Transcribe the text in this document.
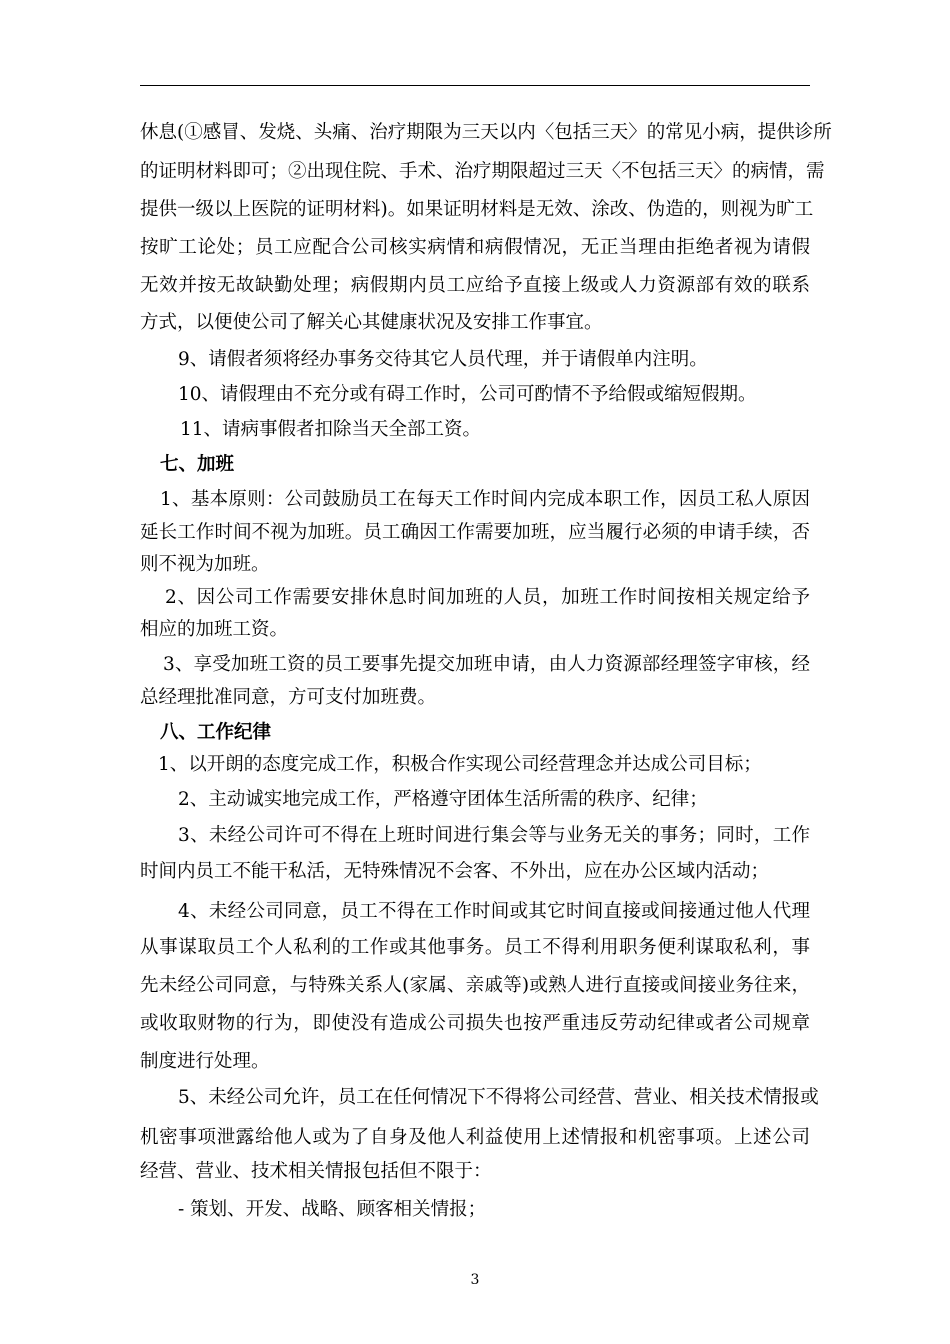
休息(①感冒、发烧、头痛、治疗期限为三天以内〈包括三天〉的常见小病，提供诊所
的证明材料即可；②出现住院、手术、治疗期限超过三天〈不包括三天〉的病情，需
提供一级以上医院的证明材料)。如果证明材料是无效、涂改、伪造的，则视为旷工
按旷工论处；员工应配合公司核实病情和病假情况，无正当理由拒绝者视为请假
无效并按无故缺勤处理；病假期内员工应给予直接上级或人力资源部有效的联系
方式，以便使公司了解关心其健康状况及安排工作事宜。
9、请假者须将经办事务交待其它人员代理，并于请假单内注明。
10、请假理由不充分或有碍工作时，公司可酌情不予给假或缩短假期。
11、请病事假者扣除当天全部工资。
七、加班
1、基本原则：公司鼓励员工在每天工作时间内完成本职工作，因员工私人原因
延长工作时间不视为加班。员工确因工作需要加班，应当履行必须的申请手续，否
则不视为加班。
2、因公司工作需要安排休息时间加班的人员，加班工作时间按相关规定给予
相应的加班工资。
3、享受加班工资的员工要事先提交加班申请，由人力资源部经理签字审核，经
总经理批准同意，方可支付加班费。
八、工作纪律
1、以开朗的态度完成工作，积极合作实现公司经营理念并达成公司目标；
2、主动诚实地完成工作，严格遵守团体生活所需的秩序、纪律；
3、未经公司许可不得在上班时间进行集会等与业务无关的事务；同时，工作
时间内员工不能干私活，无特殊情况不会客、不外出，应在办公区域内活动；
4、未经公司同意，员工不得在工作时间或其它时间直接或间接通过他人代理
从事谋取员工个人私利的工作或其他事务。员工不得利用职务便利谋取私利，事
先未经公司同意，与特殊关系人(家属、亲戚等)或熟人进行直接或间接业务往来，
或收取财物的行为，即使没有造成公司损失也按严重违反劳动纪律或者公司规章
制度进行处理。
5、未经公司允许，员工在任何情况下不得将公司经营、营业、相关技术情报或
机密事项泄露给他人或为了自身及他人利益使用上述情报和机密事项。上述公司
经营、营业、技术相关情报包括但不限于：
- 策划、开发、战略、顾客相关情报；
3
